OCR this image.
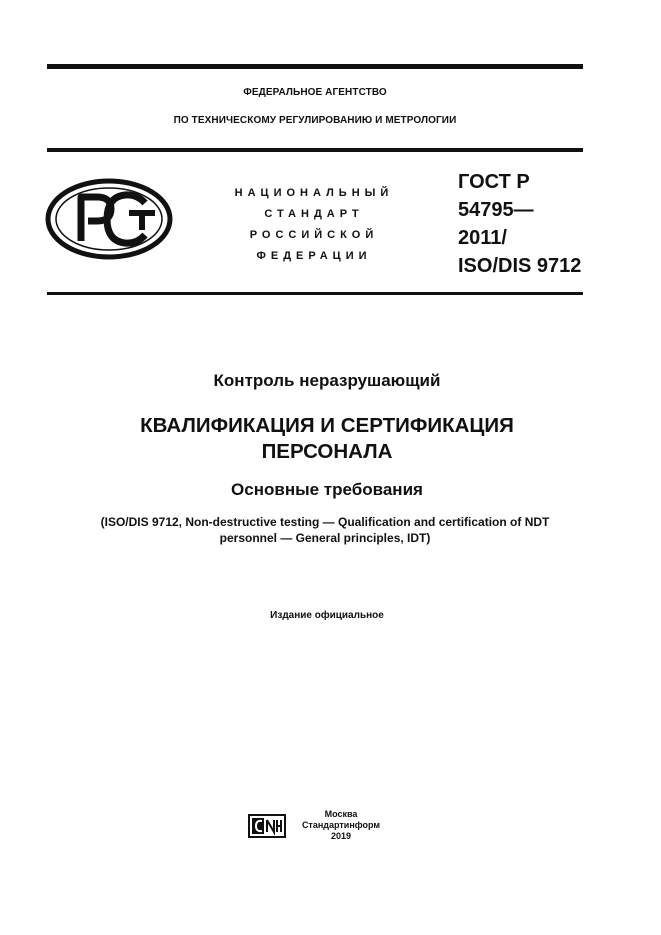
ФЕДЕРАЛЬНОЕ АГЕНТСТВО
ПО ТЕХНИЧЕСКОМУ РЕГУЛИРОВАНИЮ И МЕТРОЛОГИИ
НАЦИОНАЛЬНЫЙ
СТАНДАРТ
РОССИЙСКОЙ
ФЕДЕРАЦИИ
ГОСТ Р
54795—
2011/
ISO/DIS 9712
Контроль неразрушающий
КВАЛИФИКАЦИЯ И СЕРТИФИКАЦИЯ
ПЕРСОНАЛА
Основные требования
(ISO/DIS 9712, Non-destructive testing — Qualification and certification of NDT
personnel — General principles, IDT)
Издание официальное
Москва
Стандартинформ
2019
